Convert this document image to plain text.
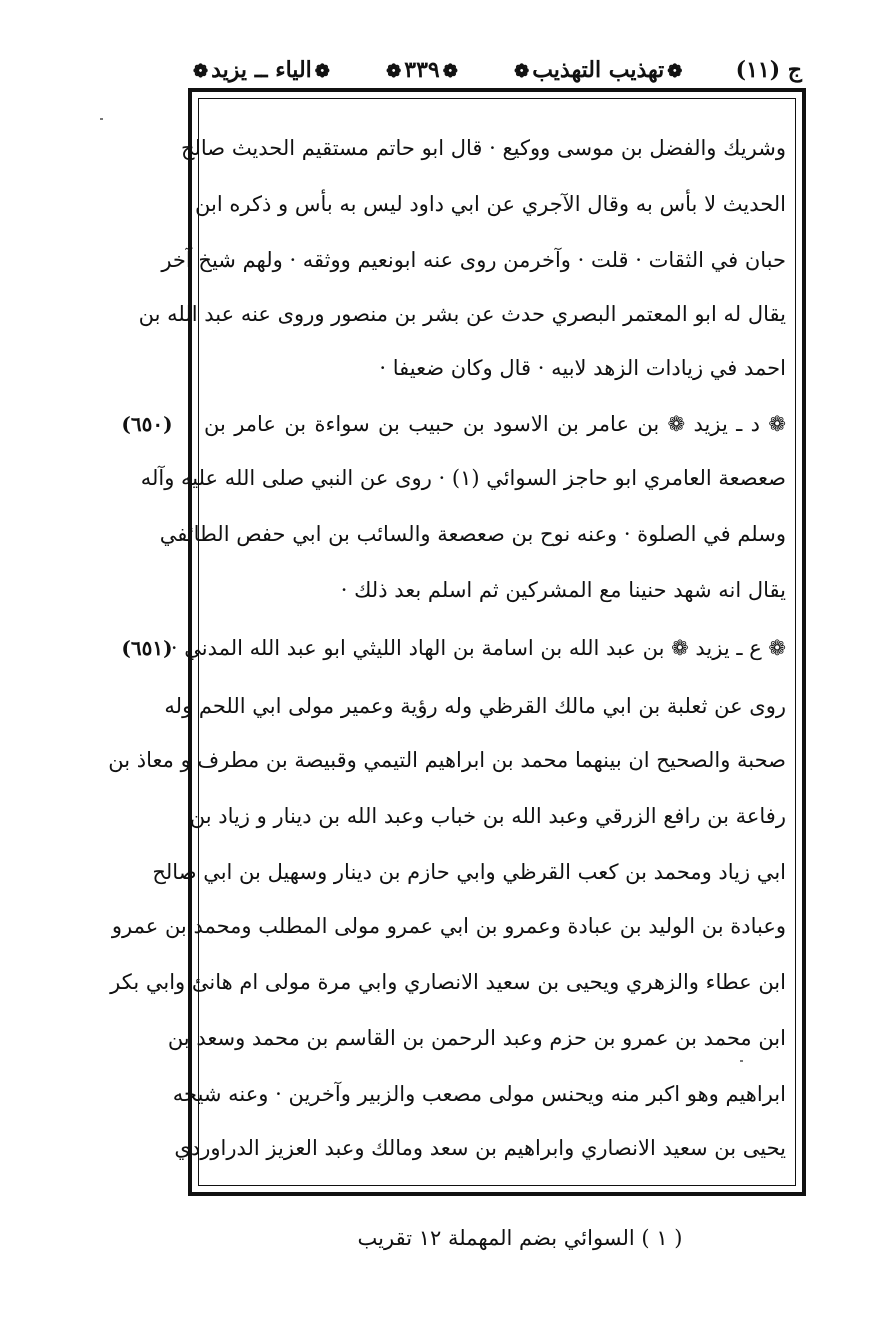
ج (١١)
❁تهذيب التهذيب❁
❁٣٣٩❁
❁الياء ــ يزيد❁
وشريك والفضل بن موسى ووكيع · قال ابو حاتم مستقيم الحديث صالح
الحديث لا بأس به وقال الآجري عن ابي داود ليس به بأس و ذكره ابن
حبان في الثقات · قلت · وآخرمن روى عنه ابونعيم ووثقه · ولهم شيخ آخر
يقال له ابو المعتمر البصري حدث عن بشر بن منصور وروى عنه عبد الله بن
احمد في زيادات الزهد لابيه · قال وكان ضعيفا ·
❁ د ـ يزيد ❁ بن عامر بن الاسود بن حبيب بن سواءة بن عامر بن
صعصعة العامري ابو حاجز السوائي (١) · روى عن النبي صلى الله عليه وآله
وسلم في الصلوة · وعنه نوح بن صعصعة والسائب بن ابي حفص الطائفي
يقال انه شهد حنينا مع المشركين ثم اسلم بعد ذلك ·
❁ ع ـ يزيد ❁ بن عبد الله بن اسامة بن الهاد الليثي ابو عبد الله المدني ·
روى عن ثعلبة بن ابي مالك القرظي وله رؤية وعمير مولى ابي اللحم وله
صحبة والصحيح ان بينهما محمد بن ابراهيم التيمي وقبيصة بن مطرف و معاذ بن
رفاعة بن رافع الزرقي وعبد الله بن خباب وعبد الله بن دينار و زياد بن
ابي زياد ومحمد بن كعب القرظي وابي حازم بن دينار وسهيل بن ابي صالح
وعبادة بن الوليد بن عبادة وعمرو بن ابي عمرو مولى المطلب ومحمد بن عمرو
ابن عطاء والزهري ويحيى بن سعيد الانصاري وابي مرة مولى ام هانئ وابي بكر
ابن محمد بن عمرو بن حزم وعبد الرحمن بن القاسم بن محمد وسعد بن
ابراهيم وهو اكبر منه ويحنس مولى مصعب والزبير وآخرين · وعنه شيخه
يحيى بن سعيد الانصاري وابراهيم بن سعد ومالك وعبد العزيز الدراوردي
(٦٥٠)
(٦٥١)
( ١ ) السوائي بضم المهملة ١٢ تقريب
